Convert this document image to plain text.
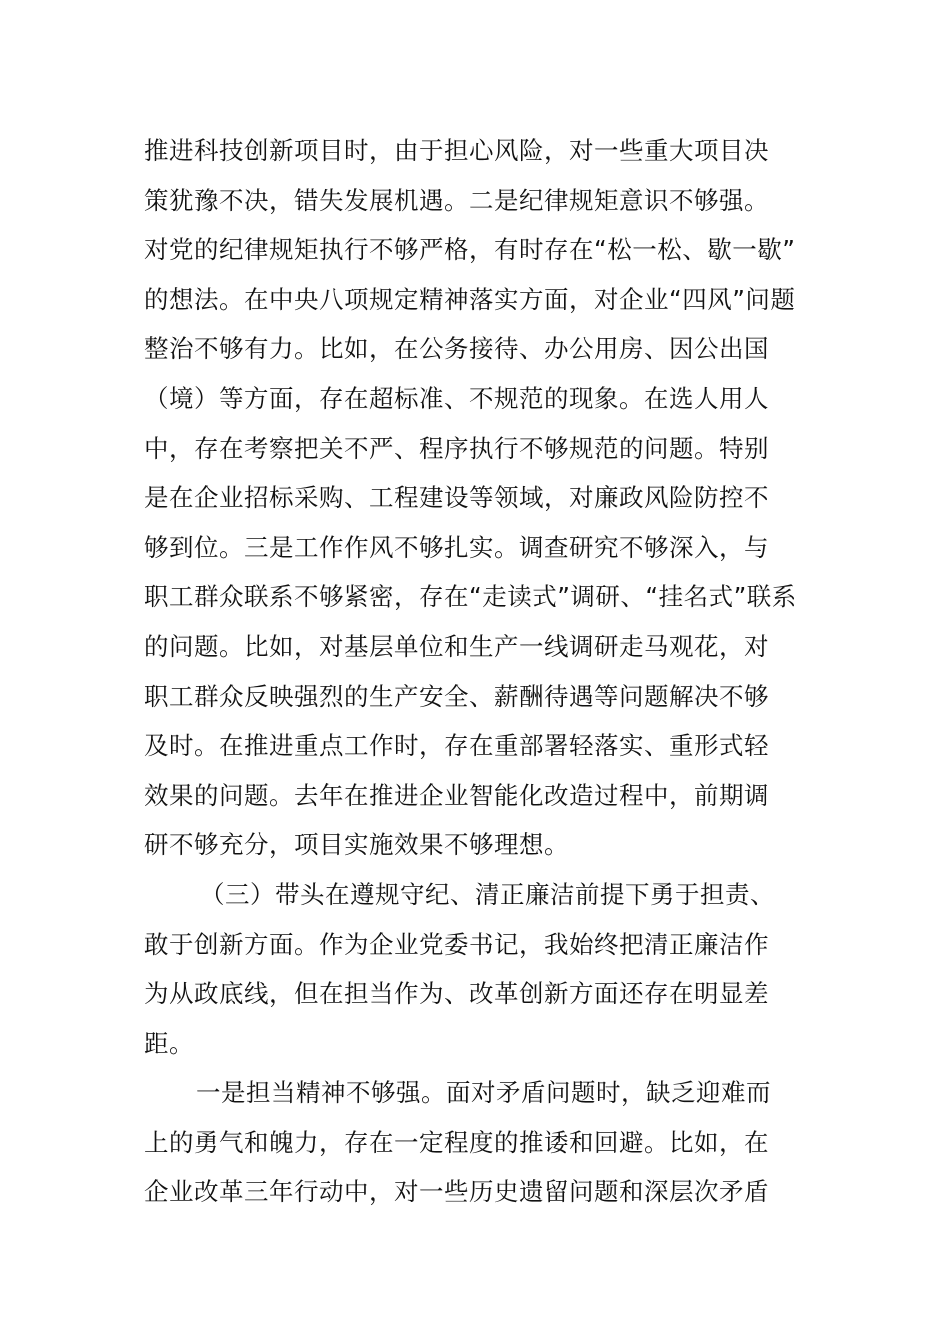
推进科技创新项目时，由于担心风险，对一些重大项目决
策犹豫不决，错失发展机遇。二是纪律规矩意识不够强。
对党的纪律规矩执行不够严格，有时存在“松一松、歇一歇”
的想法。在中央八项规定精神落实方面，对企业“四风”问题
整治不够有力。比如，在公务接待、办公用房、因公出国
（境）等方面，存在超标准、不规范的现象。在选人用人
中，存在考察把关不严、程序执行不够规范的问题。特别
是在企业招标采购、工程建设等领域，对廉政风险防控不
够到位。三是工作作风不够扎实。调查研究不够深入，与
职工群众联系不够紧密，存在“走读式”调研、“挂名式”联系
的问题。比如，对基层单位和生产一线调研走马观花，对
职工群众反映强烈的生产安全、薪酬待遇等问题解决不够
及时。在推进重点工作时，存在重部署轻落实、重形式轻
效果的问题。去年在推进企业智能化改造过程中，前期调
研不够充分，项目实施效果不够理想。
（三）带头在遵规守纪、清正廉洁前提下勇于担责、
敢于创新方面。作为企业党委书记，我始终把清正廉洁作
为从政底线，但在担当作为、改革创新方面还存在明显差
距。
一是担当精神不够强。面对矛盾问题时，缺乏迎难而
上的勇气和魄力，存在一定程度的推诿和回避。比如，在
企业改革三年行动中，对一些历史遗留问题和深层次矛盾
